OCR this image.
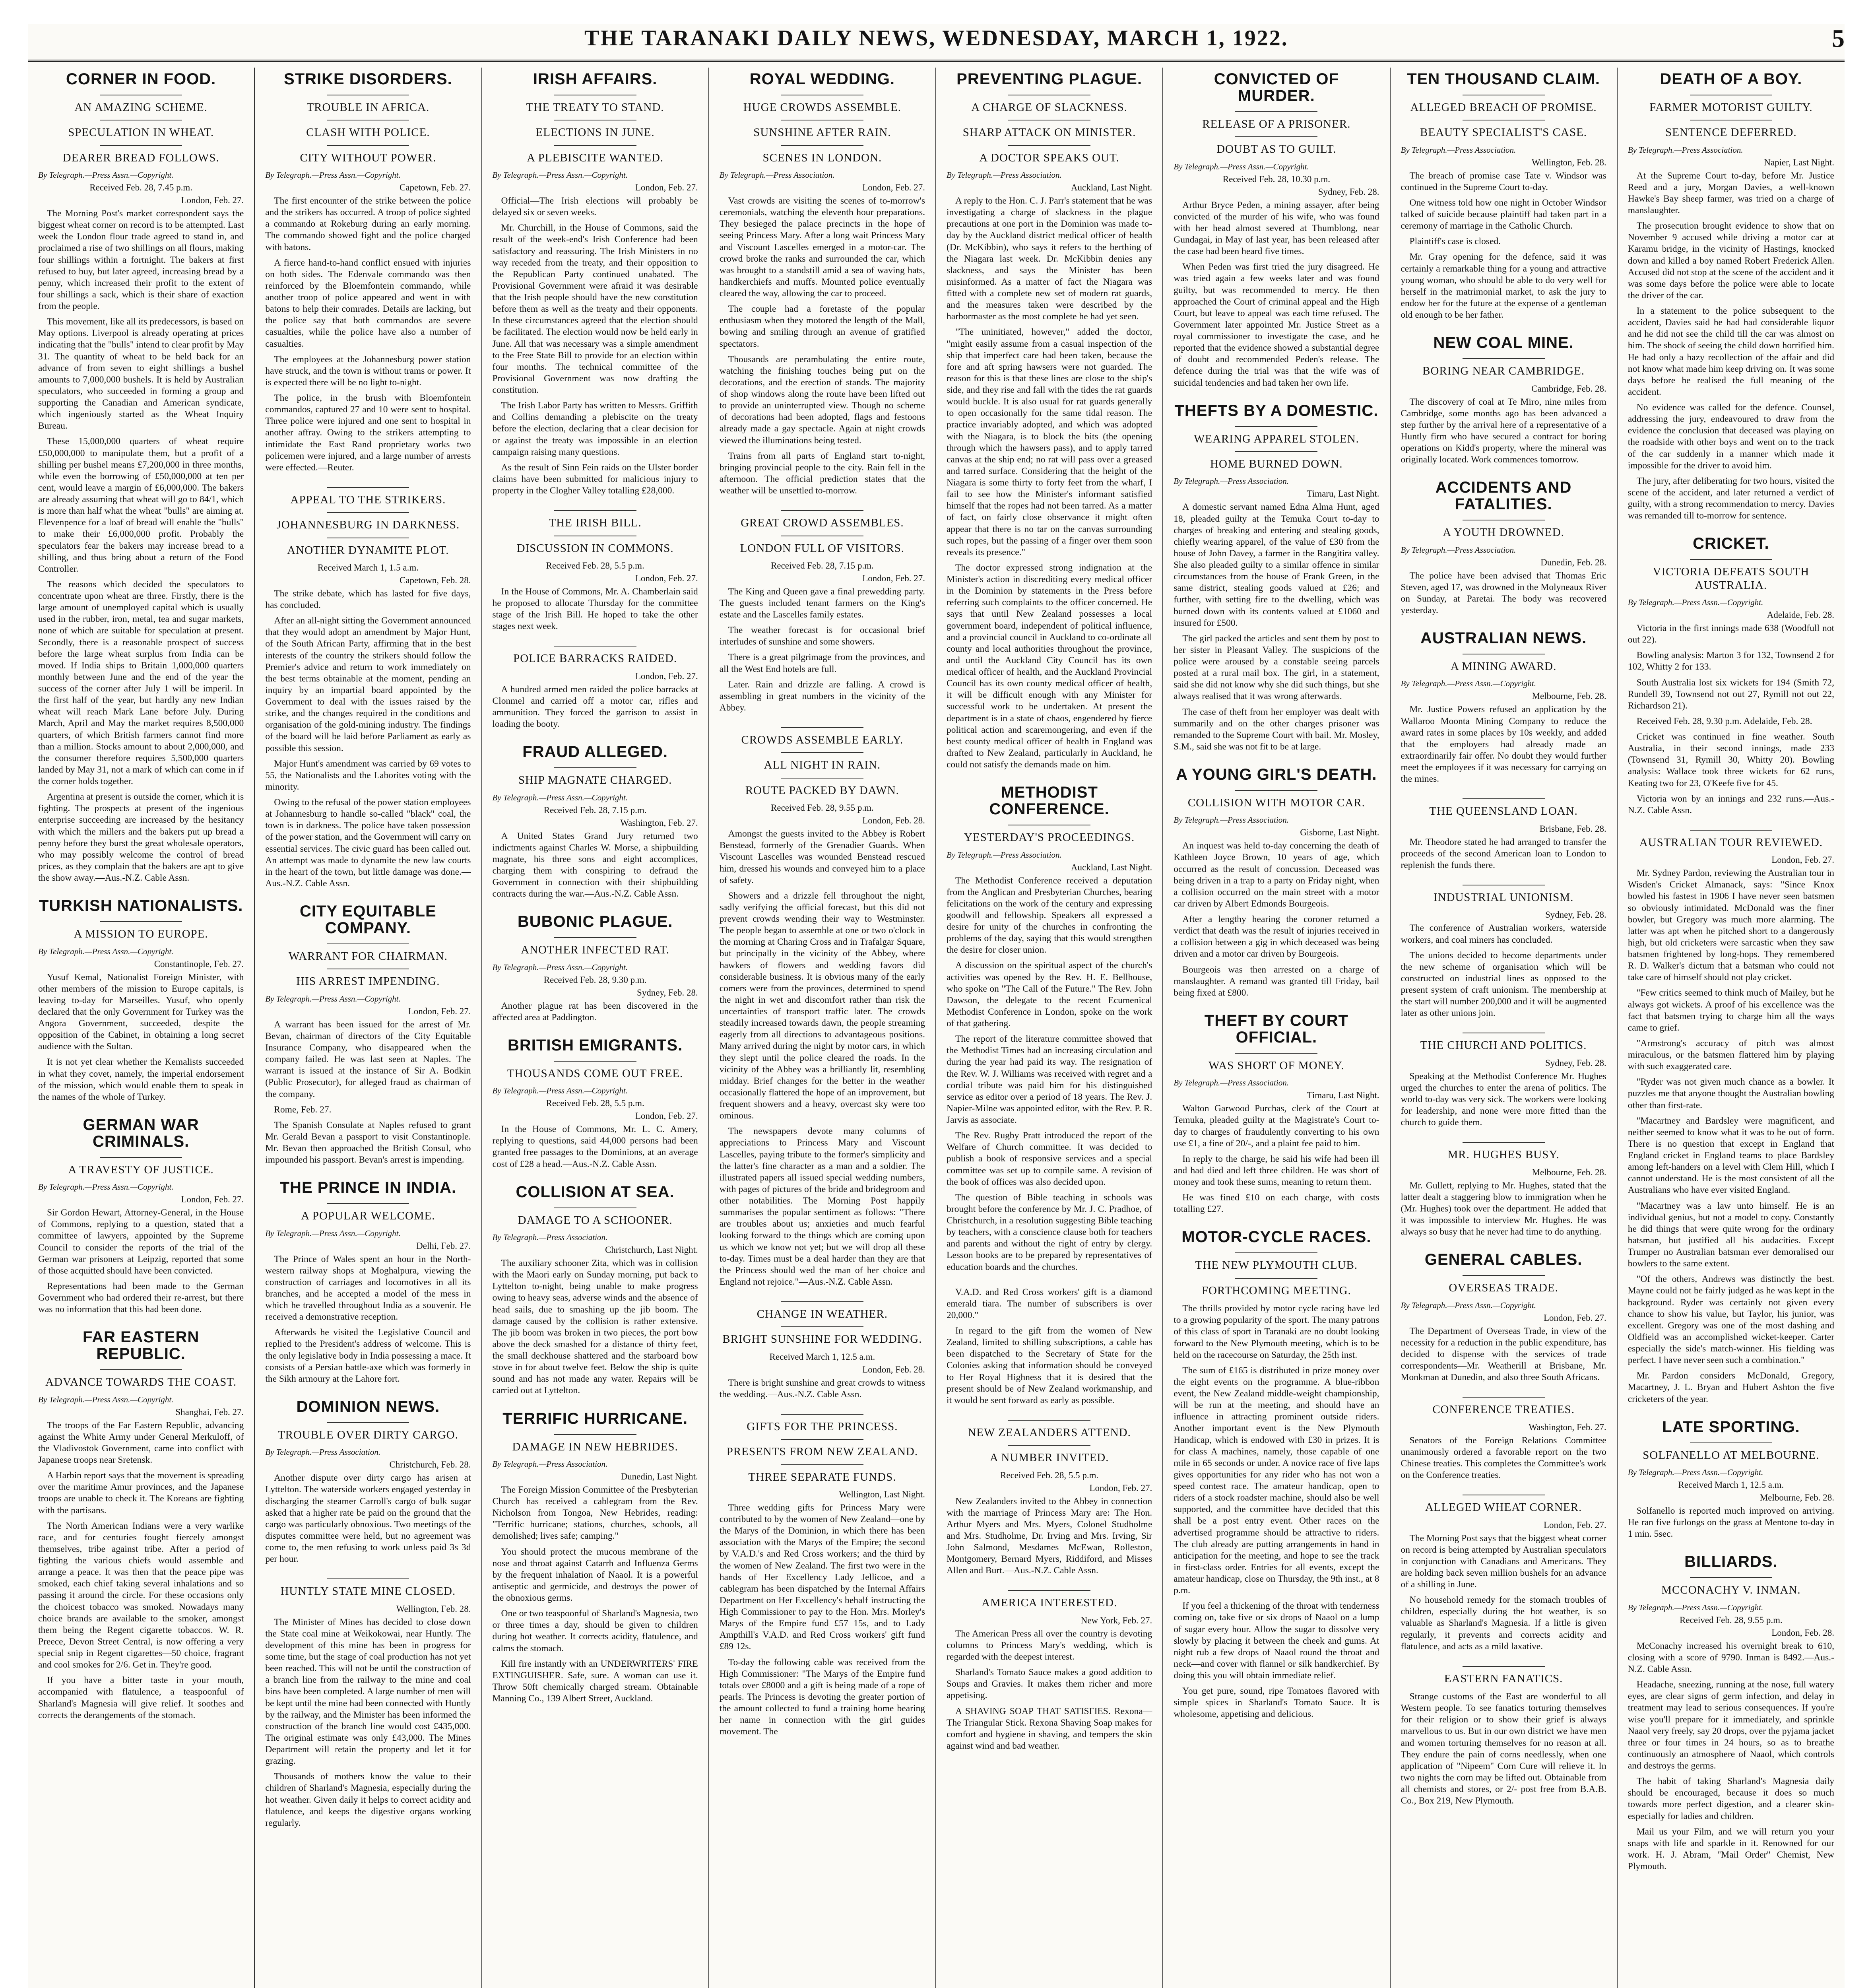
THE TARANAKI DAILY NEWS, WEDNESDAY, MARCH 1, 1922.	5
CORNER IN FOOD.
AN AMAZING SCHEME.
SPECULATION IN WHEAT.
DEARER BREAD FOLLOWS.
By Telegraph.—Press Assn.—Copyright.
Received Feb. 28, 7.45 p.m.
London, Feb. 27.

The Morning Post's market correspondent says the biggest wheat corner on record is to be attempted. Last week the London flour trade agreed to stand in, and proclaimed a rise of two shillings on all flours, making four shillings within a fortnight. The bakers at first refused to buy, but later agreed, increasing bread by a penny, which increased their profit to the extent of four shillings a sack, which is their share of exaction from the people.

This movement, like all its predecessors, is based on May options. Liverpool is already operating at prices indicating that the "bulls" intend to clear profit by May 31. The quantity of wheat to be held back for an advance of from seven to eight shillings a bushel amounts to 7,000,000 bushels. It is held by Australian speculators, who succeeded in forming a group and supporting the Canadian and American syndicate, which ingeniously started as the Wheat Inquiry Bureau.

These 15,000,000 quarters of wheat require £50,000,000 to manipulate them, but a profit of a shilling per bushel means £7,200,000 in three months, while even the borrowing of £50,000,000 at ten per cent, would leave a margin of £6,000,000. The bakers are already assuming that wheat will go to 84/1, which is more than half what the wheat "bulls" are aiming at. Elevenpence for a loaf of bread will enable the "bulls" to make their £6,000,000 profit. Probably the speculators fear the bakers may increase bread to a shilling, and thus bring about a return of the Food Controller.

The reasons which decided the speculators to concentrate upon wheat are three. Firstly, there is the large amount of unemployed capital which is usually used in the rubber, iron, metal, tea and sugar markets, none of which are suitable for speculation at present. Secondly, there is a reasonable prospect of success before the large wheat surplus from India can be moved. If India ships to Britain 1,000,000 quarters monthly between June and the end of the year the success of the corner after July 1 will be imperil. In the first half of the year, but hardly any new Indian wheat will reach Mark Lane before July. During March, April and May the market requires 8,500,000 quarters, of which British farmers cannot find more than a million. Stocks amount to about 2,000,000, and the consumer therefore requires 5,500,000 quarters landed by May 31, not a mark of which can come in if the corner holds together.

Argentina at present is outside the corner, which it is fighting. The prospects at present of the ingenious enterprise succeeding are increased by the hesitancy with which the millers and the bakers put up bread a penny before they burst the great wholesale operators, who may possibly welcome the control of bread prices, as they complain that the bakers are apt to give the show away.—Aus.-N.Z. Cable Assn.

TURKISH NATIONALISTS.
A MISSION TO EUROPE.
By Telegraph.—Press Assn.—Copyright.
Constantinople, Feb. 27.

Yusuf Kemal, Nationalist Foreign Minister, with other members of the mission to Europe capitals, is leaving to-day for Marseilles. Yusuf, who openly declared that the only Government for Turkey was the Angora Government, succeeded, despite the opposition of the Cabinet, in obtaining a long secret audience with the Sultan.

It is not yet clear whether the Kemalists succeeded in what they covet, namely, the imperial endorsement of the mission, which would enable them to speak in the names of the whole of Turkey.

GERMAN WAR CRIMINALS.
A TRAVESTY OF JUSTICE.
By Telegraph.—Press Assn.—Copyright.
London, Feb. 27.

Sir Gordon Hewart, Attorney-General, in the House of Commons, replying to a question, stated that a committee of lawyers, appointed by the Supreme Council to consider the reports of the trial of the German war prisoners at Leipzig, reported that some of those acquitted should have been convicted.

Representations had been made to the German Government who had ordered their re-arrest, but there was no information that this had been done.

FAR EASTERN REPUBLIC.
ADVANCE TOWARDS THE COAST.
By Telegraph.—Press Assn.—Copyright.
Shanghai, Feb. 27.

The troops of the Far Eastern Republic, advancing against the White Army under General Merkuloff, of the Vladivostok Government, came into conflict with Japanese troops near Sretensk.

A Harbin report says that the movement is spreading over the maritime Amur provinces, and the Japanese troops are unable to check it. The Koreans are fighting with the partisans.

The North American Indians were a very warlike race, and for centuries fought fiercely amongst themselves, tribe against tribe. After a period of fighting the various chiefs would assemble and arrange a peace. It was then that the peace pipe was smoked, each chief taking several inhalations and so passing it around the circle. For these occasions only the choicest tobacco was smoked. Nowadays many choice brands are available to the smoker, amongst them being the Regent cigarette tobaccos. W. R. Preece, Devon Street Central, is now offering a very special snip in Regent cigarettes—50 choice, fragrant and cool smokes for 2/6. Get in. They're good.

If you have a bitter taste in your mouth, accompanied with flatulence, a teaspoonful of Sharland's Magnesia will give relief. It soothes and corrects the derangements of the stomach.

STRIKE DISORDERS.
TROUBLE IN AFRICA.
CLASH WITH POLICE.
CITY WITHOUT POWER.
By Telegraph.—Press Assn.—Copyright.
Capetown, Feb. 27.

The first encounter of the strike between the police and the strikers has occurred. A troop of police sighted a commando at Rokeburg during an early morning. The commando showed fight and the police charged with batons.

A fierce hand-to-hand conflict ensued with injuries on both sides. The Edenvale commando was then reinforced by the Bloemfontein commando, while another troop of police appeared and went in with batons to help their comrades. Details are lacking, but the police say that both commandos are severe casualties, while the police have also a number of casualties.

The employees at the Johannesburg power station have struck, and the town is without trams or power. It is expected there will be no light to-night.

The police, in the brush with Bloemfontein commandos, captured 27 and 10 were sent to hospital. Three police were injured and one sent to hospital in another affray. Owing to the strikers attempting to intimidate the East Rand proprietary works two policemen were injured, and a large number of arrests were effected.—Reuter.

APPEAL TO THE STRIKERS.
JOHANNESBURG IN DARKNESS.
ANOTHER DYNAMITE PLOT.
Received March 1, 1.5 a.m.
Capetown, Feb. 28.

The strike debate, which has lasted for five days, has concluded.

After an all-night sitting the Government announced that they would adopt an amendment by Major Hunt, of the South African Party, affirming that in the best interests of the country the strikers should follow the Premier's advice and return to work immediately on the best terms obtainable at the moment, pending an inquiry by an impartial board appointed by the Government to deal with the issues raised by the strike, and the changes required in the conditions and organisation of the gold-mining industry. The findings of the board will be laid before Parliament as early as possible this session.

Major Hunt's amendment was carried by 69 votes to 55, the Nationalists and the Laborites voting with the minority.

Owing to the refusal of the power station employees at Johannesburg to handle so-called "black" coal, the town is in darkness. The police have taken possession of the power station, and the Government will carry on essential services. The civic guard has been called out. An attempt was made to dynamite the new law courts in the heart of the town, but little damage was done.—Aus.-N.Z. Cable Assn.

CITY EQUITABLE COMPANY.
WARRANT FOR CHAIRMAN.
HIS ARREST IMPENDING.
By Telegraph.—Press Assn.—Copyright.
London, Feb. 27.

A warrant has been issued for the arrest of Mr. Bevan, chairman of directors of the City Equitable Insurance Company, who disappeared when the company failed. He was last seen at Naples. The warrant is issued at the instance of Sir A. Bodkin (Public Prosecutor), for alleged fraud as chairman of the company.

Rome, Feb. 27.

The Spanish Consulate at Naples refused to grant Mr. Gerald Bevan a passport to visit Constantinople. Mr. Bevan then approached the British Consul, who impounded his passport. Bevan's arrest is impending.

THE PRINCE IN INDIA.
A POPULAR WELCOME.
By Telegraph.—Press Assn.—Copyright.
Delhi, Feb. 27.

The Prince of Wales spent an hour in the North-western railway shops at Moghalpura, viewing the construction of carriages and locomotives in all its branches, and he accepted a model of the mess in which he travelled throughout India as a souvenir. He received a demonstrative reception.

Afterwards he visited the Legislative Council and replied to the President's address of welcome. This is the only legislative body in India possessing a mace. It consists of a Persian battle-axe which was formerly in the Sikh armoury at the Lahore fort.

DOMINION NEWS.
TROUBLE OVER DIRTY CARGO.
By Telegraph.—Press Association.
Christchurch, Feb. 28.

Another dispute over dirty cargo has arisen at Lyttelton. The waterside workers engaged yesterday in discharging the steamer Carroll's cargo of bulk sugar asked that a higher rate be paid on the ground that the cargo was particularly obnoxious. Two meetings of the disputes committee were held, but no agreement was come to, the men refusing to work unless paid 3s 3d per hour.

HUNTLY STATE MINE CLOSED.
Wellington, Feb. 28.

The Minister of Mines has decided to close down the State coal mine at Weikokowai, near Huntly. The development of this mine has been in progress for some time, but the stage of coal production has not yet been reached. This will not be until the construction of a branch line from the railway to the mine and coal bins have been completed. A large number of men will be kept until the mine had been connected with Huntly by the railway, and the Minister has been informed the construction of the branch line would cost £435,000. The original estimate was only £43,000. The Mines Department will retain the property and let it for grazing.

Thousands of mothers know the value to their children of Sharland's Magnesia, especially during the hot weather. Given daily it helps to correct acidity and flatulence, and keeps the digestive organs working regularly.

IRISH AFFAIRS.
THE TREATY TO STAND.
ELECTIONS IN JUNE.
A PLEBISCITE WANTED.
By Telegraph.—Press Assn.—Copyright.
London, Feb. 27.

Official—The Irish elections will probably be delayed six or seven weeks.

Mr. Churchill, in the House of Commons, said the result of the week-end's Irish Conference had been satisfactory and reassuring. The Irish Ministers in no way receded from the treaty, and their opposition to the Republican Party continued unabated. The Provisional Government were afraid it was desirable that the Irish people should have the new constitution before them as well as the treaty and their opponents. In these circumstances agreed that the election should be facilitated. The election would now be held early in June. All that was necessary was a simple amendment to the Free State Bill to provide for an election within four months. The technical committee of the Provisional Government was now drafting the constitution.

The Irish Labor Party has written to Messrs. Griffith and Collins demanding a plebiscite on the treaty before the election, declaring that a clear decision for or against the treaty was impossible in an election campaign raising many questions.

As the result of Sinn Fein raids on the Ulster border claims have been submitted for malicious injury to property in the Clogher Valley totalling £28,000.

THE IRISH BILL.
DISCUSSION IN COMMONS.
Received Feb. 28, 5.5 p.m.
London, Feb. 27.

In the House of Commons, Mr. A. Chamberlain said he proposed to allocate Thursday for the committee stage of the Irish Bill. He hoped to take the other stages next week.

POLICE BARRACKS RAIDED.
London, Feb. 27.

A hundred armed men raided the police barracks at Clonmel and carried off a motor car, rifles and ammunition. They forced the garrison to assist in loading the booty.

FRAUD ALLEGED.
SHIP MAGNATE CHARGED.
By Telegraph.—Press Assn.—Copyright.
Received Feb. 28, 7.15 p.m.
Washington, Feb. 27.

A United States Grand Jury returned two indictments against Charles W. Morse, a shipbuilding magnate, his three sons and eight accomplices, charging them with conspiring to defraud the Government in connection with their shipbuilding contracts during the war.—Aus.-N.Z. Cable Assn.

BUBONIC PLAGUE.
ANOTHER INFECTED RAT.
By Telegraph.—Press Assn.—Copyright.
Received Feb. 28, 9.30 p.m.
Sydney, Feb. 28.

Another plague rat has been discovered in the affected area at Paddington.

BRITISH EMIGRANTS.
THOUSANDS COME OUT FREE.
By Telegraph.—Press Assn.—Copyright.
Received Feb. 28, 5.5 p.m.
London, Feb. 27.

In the House of Commons, Mr. L. C. Amery, replying to questions, said 44,000 persons had been granted free passages to the Dominions, at an average cost of £28 a head.—Aus.-N.Z. Cable Assn.

COLLISION AT SEA.
DAMAGE TO A SCHOONER.
By Telegraph.—Press Association.
Christchurch, Last Night.

The auxiliary schooner Zita, which was in collision with the Maori early on Sunday morning, put back to Lyttelton to-night, being unable to make progress owing to heavy seas, adverse winds and the absence of head sails, due to smashing up the jib boom. The damage caused by the collision is rather extensive. The jib boom was broken in two pieces, the port bow above the deck smashed for a distance of thirty feet, the small deckhouse shattered and the starboard bow stove in for about twelve feet. Below the ship is quite sound and has not made any water. Repairs will be carried out at Lyttelton.

TERRIFIC HURRICANE.
DAMAGE IN NEW HEBRIDES.
By Telegraph.—Press Association.
Dunedin, Last Night.

The Foreign Mission Committee of the Presbyterian Church has received a cablegram from the Rev. Nicholson from Tongoa, New Hebrides, reading: "Terrific hurricane; stations, churches, schools, all demolished; lives safe; camping."

You should protect the mucous membrane of the nose and throat against Catarrh and Influenza Germs by the frequent inhalation of Naaol. It is a powerful antiseptic and germicide, and destroys the power of the obnoxious germs.

One or two teaspoonful of Sharland's Magnesia, two or three times a day, should be given to children during hot weather. It corrects acidity, flatulence, and calms the stomach.

Kill fire instantly with an UNDERWRITERS' FIRE EXTINGUISHER. Safe, sure. A woman can use it. Throw 50ft chemically charged stream. Obtainable Manning Co., 139 Albert Street, Auckland.

ROYAL WEDDING.
HUGE CROWDS ASSEMBLE.
SUNSHINE AFTER RAIN.
SCENES IN LONDON.
By Telegraph.—Press Association.
London, Feb. 27.

Vast crowds are visiting the scenes of to-morrow's ceremonials, watching the eleventh hour preparations. They besieged the palace precincts in the hope of seeing Princess Mary. After a long wait Princess Mary and Viscount Lascelles emerged in a motor-car. The crowd broke the ranks and surrounded the car, which was brought to a standstill amid a sea of waving hats, handkerchiefs and muffs. Mounted police eventually cleared the way, allowing the car to proceed.

The couple had a foretaste of the popular enthusiasm when they motored the length of the Mall, bowing and smiling through an avenue of gratified spectators.

Thousands are perambulating the entire route, watching the finishing touches being put on the decorations, and the erection of stands. The majority of shop windows along the route have been lifted out to provide an uninterrupted view. Though no scheme of decorations had been adopted, flags and festoons already made a gay spectacle. Again at night crowds viewed the illuminations being tested.

Trains from all parts of England start to-night, bringing provincial people to the city. Rain fell in the afternoon. The official prediction states that the weather will be unsettled to-morrow.

GREAT CROWD ASSEMBLES.
LONDON FULL OF VISITORS.
Received Feb. 28, 7.15 p.m.
London, Feb. 27.

The King and Queen gave a final prewedding party. The guests included tenant farmers on the King's estate and the Lascelles family estates.

The weather forecast is for occasional brief interludes of sunshine and some showers.

There is a great pilgrimage from the provinces, and all the West End hotels are full.

Later. Rain and drizzle are falling. A crowd is assembling in great numbers in the vicinity of the Abbey.

CROWDS ASSEMBLE EARLY.
ALL NIGHT IN RAIN.
ROUTE PACKED BY DAWN.
Received Feb. 28, 9.55 p.m.
London, Feb. 28.

Amongst the guests invited to the Abbey is Robert Benstead, formerly of the Grenadier Guards. When Viscount Lascelles was wounded Benstead rescued him, dressed his wounds and conveyed him to a place of safety.

Showers and a drizzle fell throughout the night, sadly verifying the official forecast, but this did not prevent crowds wending their way to Westminster. The people began to assemble at one or two o'clock in the morning at Charing Cross and in Trafalgar Square, but principally in the vicinity of the Abbey, where hawkers of flowers and wedding favors did considerable business. It is obvious many of the early comers were from the provinces, determined to spend the night in wet and discomfort rather than risk the uncertainties of transport traffic later. The crowds steadily increased towards dawn, the people streaming eagerly from all directions to advantageous positions. Many arrived during the night by motor cars, in which they slept until the police cleared the roads. In the vicinity of the Abbey was a brilliantly lit, resembling midday. Brief changes for the better in the weather occasionally flattered the hope of an improvement, but frequent showers and a heavy, overcast sky were too ominous.

The newspapers devote many columns of appreciations to Princess Mary and Viscount Lascelles, paying tribute to the former's simplicity and the latter's fine character as a man and a soldier. The illustrated papers all issued special wedding numbers, with pages of pictures of the bride and bridegroom and other notabilities. The Morning Post happily summarises the popular sentiment as follows: "There are troubles about us; anxieties and much fearful looking forward to the things which are coming upon us which we know not yet; but we will drop all these to-day. Times must be a deal harder than they are that the Princess should wed the man of her choice and England not rejoice."—Aus.-N.Z. Cable Assn.

CHANGE IN WEATHER.
BRIGHT SUNSHINE FOR WEDDING.
Received March 1, 12.5 a.m.
London, Feb. 28.

There is bright sunshine and great crowds to witness the wedding.—Aus.-N.Z. Cable Assn.

GIFTS FOR THE PRINCESS.
PRESENTS FROM NEW ZEALAND.
THREE SEPARATE FUNDS.
Wellington, Last Night.

Three wedding gifts for Princess Mary were contributed to by the women of New Zealand—one by the Marys of the Dominion, in which there has been association with the Marys of the Empire; the second by V.A.D.'s and Red Cross workers; and the third by the women of New Zealand. The first two were in the hands of Her Excellency Lady Jellicoe, and a cablegram has been dispatched by the Internal Affairs Department on Her Excellency's behalf instructing the High Commissioner to pay to the Hon. Mrs. Morley's Marys of the Empire fund £57 15s, and to Lady Ampthill's V.A.D. and Red Cross workers' gift fund £89 12s.

To-day the following cable was received from the High Commissioner: "The Marys of the Empire fund totals over £8000 and a gift is being made of a rope of pearls. The Princess is devoting the greater portion of the amount collected to fund a training home bearing her name in connection with the girl guides movement. The

PREVENTING PLAGUE.
A CHARGE OF SLACKNESS.
SHARP ATTACK ON MINISTER.
A DOCTOR SPEAKS OUT.
By Telegraph.—Press Association.
Auckland, Last Night.

A reply to the Hon. C. J. Parr's statement that he was investigating a charge of slackness in the plague precautions at one port in the Dominion was made to-day by the Auckland district medical officer of health (Dr. McKibbin), who says it refers to the berthing of the Niagara last week. Dr. McKibbin denies any slackness, and says the Minister has been misinformed. As a matter of fact the Niagara was fitted with a complete new set of modern rat guards, and the measures taken were described by the harbormaster as the most complete he had yet seen.

"The uninitiated, however," added the doctor, "might easily assume from a casual inspection of the ship that imperfect care had been taken, because the fore and aft spring hawsers were not guarded. The reason for this is that these lines are close to the ship's side, and they rise and fall with the tides the rat guards would buckle. It is also usual for rat guards generally to open occasionally for the same tidal reason. The practice invariably adopted, and which was adopted with the Niagara, is to block the bits (the opening through which the hawsers pass), and to apply tarred canvas at the ship end; no rat will pass over a greased and tarred surface. Considering that the height of the Niagara is some thirty to forty feet from the wharf, I fail to see how the Minister's informant satisfied himself that the ropes had not been tarred. As a matter of fact, on fairly close observance it might often appear that there is no tar on the canvas surrounding such ropes, but the passing of a finger over them soon reveals its presence."

The doctor expressed strong indignation at the Minister's action in discrediting every medical officer in the Dominion by statements in the Press before referring such complaints to the officer concerned. He says that until New Zealand possesses a local government board, independent of political influence, and a provincial council in Auckland to co-ordinate all county and local authorities throughout the province, and until the Auckland City Council has its own medical officer of health, and the Auckland Provincial Council has its own county medical officer of health, it will be difficult enough with any Minister for successful work to be undertaken. At present the department is in a state of chaos, engendered by fierce political action and scaremongering, and even if the best county medical officer of health in England was drafted to New Zealand, particularly in Auckland, he could not satisfy the demands made on him.

METHODIST CONFERENCE.
YESTERDAY'S PROCEEDINGS.
By Telegraph.—Press Association.
Auckland, Last Night.

The Methodist Conference received a deputation from the Anglican and Presbyterian Churches, bearing felicitations on the work of the century and expressing goodwill and fellowship. Speakers all expressed a desire for unity of the churches in confronting the problems of the day, saying that this would strengthen the desire for closer union.

A discussion on the spiritual aspect of the church's activities was opened by the Rev. H. E. Bellhouse, who spoke on "The Call of the Future." The Rev. John Dawson, the delegate to the recent Ecumenical Methodist Conference in London, spoke on the work of that gathering.

The report of the literature committee showed that the Methodist Times had an increasing circulation and during the year had paid its way. The resignation of the Rev. W. J. Williams was received with regret and a cordial tribute was paid him for his distinguished service as editor over a period of 18 years. The Rev. J. Napier-Milne was appointed editor, with the Rev. P. R. Jarvis as associate.

The Rev. Rugby Pratt introduced the report of the Welfare of Church committee. It was decided to publish a book of responsive services and a special committee was set up to compile same. A revision of the book of offices was also decided upon.

The question of Bible teaching in schools was brought before the conference by Mr. J. C. Pradhoe, of Christchurch, in a resolution suggesting Bible teaching by teachers, with a conscience clause both for teachers and parents and without the right of entry by clergy. Lesson books are to be prepared by representatives of education boards and the churches.

V.A.D. and Red Cross workers' gift is a diamond emerald tiara. The number of subscribers is over 20,000."

In regard to the gift from the women of New Zealand, limited to shilling subscriptions, a cable has been dispatched to the Secretary of State for the Colonies asking that information should be conveyed to Her Royal Highness that it is desired that the present should be of New Zealand workmanship, and it would be sent forward as early as possible.

NEW ZEALANDERS ATTEND.
A NUMBER INVITED.
Received Feb. 28, 5.5 p.m.
London, Feb. 27.

New Zealanders invited to the Abbey in connection with the marriage of Princess Mary are: The Hon. Arthur Myers and Mrs. Myers, Colonel Studholme and Mrs. Studholme, Dr. Irving and Mrs. Irving, Sir John Salmond, Mesdames McEwan, Rolleston, Montgomery, Bernard Myers, Riddiford, and Misses Allen and Burt.—Aus.-N.Z. Cable Assn.

AMERICA INTERESTED.
New York, Feb. 27.

The American Press all over the country is devoting columns to Princess Mary's wedding, which is regarded with the deepest interest.

Sharland's Tomato Sauce makes a good addition to Soups and Gravies. It makes them richer and more appetising.

A SHAVING SOAP THAT SATISFIES. Rexona—The Triangular Stick. Rexona Shaving Soap makes for comfort and hygiene in shaving, and tempers the skin against wind and bad weather.

CONVICTED OF MURDER.
RELEASE OF A PRISONER.
DOUBT AS TO GUILT.
By Telegraph.—Press Assn.—Copyright.
Received Feb. 28, 10.30 p.m.
Sydney, Feb. 28.

Arthur Bryce Peden, a mining assayer, after being convicted of the murder of his wife, who was found with her head almost severed at Thumblong, near Gundagai, in May of last year, has been released after the case had been heard five times.

When Peden was first tried the jury disagreed. He was tried again a few weeks later and was found guilty, but was recommended to mercy. He then approached the Court of criminal appeal and the High Court, but leave to appeal was each time refused. The Government later appointed Mr. Justice Street as a royal commissioner to investigate the case, and he reported that the evidence showed a substantial degree of doubt and recommended Peden's release. The defence during the trial was that the wife was of suicidal tendencies and had taken her own life.

THEFTS BY A DOMESTIC.
WEARING APPAREL STOLEN.
HOME BURNED DOWN.
By Telegraph.—Press Association.
Timaru, Last Night.

A domestic servant named Edna Alma Hunt, aged 18, pleaded guilty at the Temuka Court to-day to charges of breaking and entering and stealing goods, chiefly wearing apparel, of the value of £30 from the house of John Davey, a farmer in the Rangitira valley. She also pleaded guilty to a similar offence in similar circumstances from the house of Frank Green, in the same district, stealing goods valued at £26; and further, with setting fire to the dwelling, which was burned down with its contents valued at £1060 and insured for £500.

The girl packed the articles and sent them by post to her sister in Pleasant Valley. The suspicions of the police were aroused by a constable seeing parcels posted at a rural mail box. The girl, in a statement, said she did not know why she did such things, but she always realised that it was wrong afterwards.

The case of theft from her employer was dealt with summarily and on the other charges prisoner was remanded to the Supreme Court with bail. Mr. Mosley, S.M., said she was not fit to be at large.

A YOUNG GIRL'S DEATH.
COLLISION WITH MOTOR CAR.
By Telegraph.—Press Association.
Gisborne, Last Night.

An inquest was held to-day concerning the death of Kathleen Joyce Brown, 10 years of age, which occurred as the result of concussion. Deceased was being driven in a trap to a party on Friday night, when a collision occurred on the main street with a motor car driven by Albert Edmonds Bourgeois.

After a lengthy hearing the coroner returned a verdict that death was the result of injuries received in a collision between a gig in which deceased was being driven and a motor car driven by Bourgeois.

Bourgeois was then arrested on a charge of manslaughter. A remand was granted till Friday, bail being fixed at £800.

THEFT BY COURT OFFICIAL.
WAS SHORT OF MONEY.
By Telegraph.—Press Association.
Timaru, Last Night.

Walton Garwood Purchas, clerk of the Court at Temuka, pleaded guilty at the Magistrate's Court to-day to charges of fraudulently converting to his own use £1, a fine of 20/-, and a plaint fee paid to him.

In reply to the charge, he said his wife had been ill and had died and left three children. He was short of money and took these sums, meaning to return them.

He was fined £10 on each charge, with costs totalling £27.

MOTOR-CYCLE RACES.
THE NEW PLYMOUTH CLUB.
FORTHCOMING MEETING.

The thrills provided by motor cycle racing have led to a growing popularity of the sport. The many patrons of this class of sport in Taranaki are no doubt looking forward to the New Plymouth meeting, which is to be held on the racecourse on Saturday, the 25th inst.

The sum of £165 is distributed in prize money over the eight events on the programme. A blue-ribbon event, the New Zealand middle-weight championship, will be run at the meeting, and should have an influence in attracting prominent outside riders. Another important event is the New Plymouth Handicap, which is endowed with £30 in prizes. It is for class A machines, namely, those capable of one mile in 65 seconds or under. A novice race of five laps gives opportunities for any rider who has not won a speed contest race. The amateur handicap, open to riders of a stock roadster machine, should also be well supported, and the committee have decided that this shall be a post entry event. Other races on the advertised programme should be attractive to riders. The club already are putting arrangements in hand in anticipation for the meeting, and hope to see the track in first-class order. Entries for all events, except the amateur handicap, close on Thursday, the 9th inst., at 8 p.m.

If you feel a thickening of the throat with tenderness coming on, take five or six drops of Naaol on a lump of sugar every hour. Allow the sugar to dissolve very slowly by placing it between the cheek and gums. At night rub a few drops of Naaol round the throat and neck—and cover with flannel or silk handkerchief. By doing this you will obtain immediate relief.

You get pure, sound, ripe Tomatoes flavored with simple spices in Sharland's Tomato Sauce. It is wholesome, appetising and delicious.

TEN THOUSAND CLAIM.
ALLEGED BREACH OF PROMISE.
BEAUTY SPECIALIST'S CASE.
By Telegraph.—Press Association.
Wellington, Feb. 28.

The breach of promise case Tate v. Windsor was continued in the Supreme Court to-day.

One witness told how one night in October Windsor talked of suicide because plaintiff had taken part in a ceremony of marriage in the Catholic Church.

Plaintiff's case is closed.

Mr. Gray opening for the defence, said it was certainly a remarkable thing for a young and attractive young woman, who should be able to do very well for herself in the matrimonial market, to ask the jury to endow her for the future at the expense of a gentleman old enough to be her father.

NEW COAL MINE.
BORING NEAR CAMBRIDGE.
Cambridge, Feb. 28.

The discovery of coal at Te Miro, nine miles from Cambridge, some months ago has been advanced a step further by the arrival here of a representative of a Huntly firm who have secured a contract for boring operations on Kidd's property, where the mineral was originally located. Work commences tomorrow.

ACCIDENTS AND FATALITIES.
A YOUTH DROWNED.
By Telegraph.—Press Association.
Dunedin, Feb. 28.

The police have been advised that Thomas Eric Steven, aged 17, was drowned in the Molyneaux River on Sunday, at Paretai. The body was recovered yesterday.

AUSTRALIAN NEWS.
A MINING AWARD.
By Telegraph.—Press Assn.—Copyright.
Melbourne, Feb. 28.

Mr. Justice Powers refused an application by the Wallaroo Moonta Mining Company to reduce the award rates in some places by 10s weekly, and added that the employers had already made an extraordinarily fair offer. No doubt they would further meet the employees if it was necessary for carrying on the mines.

THE QUEENSLAND LOAN.
Brisbane, Feb. 28.

Mr. Theodore stated he had arranged to transfer the proceeds of the second American loan to London to replenish the funds there.

INDUSTRIAL UNIONISM.
Sydney, Feb. 28.

The conference of Australian workers, waterside workers, and coal miners has concluded.

The unions decided to become departments under the new scheme of organisation which will be constructed on industrial lines as opposed to the present system of craft unionism. The membership at the start will number 200,000 and it will be augmented later as other unions join.

THE CHURCH AND POLITICS.
Sydney, Feb. 28.

Speaking at the Methodist Conference Mr. Hughes urged the churches to enter the arena of politics. The world to-day was very sick. The workers were looking for leadership, and none were more fitted than the church to guide them.

MR. HUGHES BUSY.
Melbourne, Feb. 28.

Mr. Gullett, replying to Mr. Hughes, stated that the latter dealt a staggering blow to immigration when he (Mr. Hughes) took over the department. He added that it was impossible to interview Mr. Hughes. He was always so busy that he never had time to do anything.

GENERAL CABLES.
OVERSEAS TRADE.
By Telegraph.—Press Assn.—Copyright.
London, Feb. 27.

The Department of Overseas Trade, in view of the necessity for a reduction in the public expenditure, has decided to dispense with the services of trade correspondents—Mr. Weatherill at Brisbane, Mr. Monkman at Dunedin, and also three South Africans.

CONFERENCE TREATIES.
Washington, Feb. 27.

Senators of the Foreign Relations Committee unanimously ordered a favorable report on the two Chinese treaties. This completes the Committee's work on the Conference treaties.

ALLEGED WHEAT CORNER.
London, Feb. 27.

The Morning Post says that the biggest wheat corner on record is being attempted by Australian speculators in conjunction with Canadians and Americans. They are holding back seven million bushels for an advance of a shilling in June.

No household remedy for the stomach troubles of children, especially during the hot weather, is so valuable as Sharland's Magnesia. If a little is given regularly, it prevents and corrects acidity and flatulence, and acts as a mild laxative.

EASTERN FANATICS.

Strange customs of the East are wonderful to all Western people. To see fanatics torturing themselves for their religion or to show their grief is always marvellous to us. But in our own district we have men and women torturing themselves for no reason at all. They endure the pain of corns needlessly, when one application of "Nipeem" Corn Cure will relieve it. In two nights the corn may be lifted out. Obtainable from all chemists and stores, or 2/- post free from B.A.B. Co., Box 219, New Plymouth.

DEATH OF A BOY.
FARMER MOTORIST GUILTY.
SENTENCE DEFERRED.
By Telegraph.—Press Association.
Napier, Last Night.

At the Supreme Court to-day, before Mr. Justice Reed and a jury, Morgan Davies, a well-known Hawke's Bay sheep farmer, was tried on a charge of manslaughter.

The prosecution brought evidence to show that on November 9 accused while driving a motor car at Karamu bridge, in the vicinity of Hastings, knocked down and killed a boy named Robert Frederick Allen. Accused did not stop at the scene of the accident and it was some days before the police were able to locate the driver of the car.

In a statement to the police subsequent to the accident, Davies said he had had considerable liquor and he did not see the child till the car was almost on him. The shock of seeing the child down horrified him. He had only a hazy recollection of the affair and did not know what made him keep driving on. It was some days before he realised the full meaning of the accident.

No evidence was called for the defence. Counsel, addressing the jury, endeavoured to draw from the evidence the conclusion that deceased was playing on the roadside with other boys and went on to the track of the car suddenly in a manner which made it impossible for the driver to avoid him.

The jury, after deliberating for two hours, visited the scene of the accident, and later returned a verdict of guilty, with a strong recommendation to mercy. Davies was remanded till to-morrow for sentence.

CRICKET.
VICTORIA DEFEATS SOUTH AUSTRALIA.
By Telegraph.—Press Assn.—Copyright.
Adelaide, Feb. 28.

Victoria in the first innings made 638 (Woodfull not out 22).

Bowling analysis: Marton 3 for 132, Townsend 2 for 102, Whitty 2 for 133.

South Australia lost six wickets for 194 (Smith 72, Rundell 39, Townsend not out 27, Rymill not out 22, Richardson 21).

Received Feb. 28, 9.30 p.m. Adelaide, Feb. 28.

Cricket was continued in fine weather. South Australia, in their second innings, made 233 (Townsend 31, Rymill 30, Whitty 20). Bowling analysis: Wallace took three wickets for 62 runs, Keating two for 23, O'Keefe five for 45.

Victoria won by an innings and 232 runs.—Aus.-N.Z. Cable Assn.

AUSTRALIAN TOUR REVIEWED.
London, Feb. 27.

Mr. Sydney Pardon, reviewing the Australian tour in Wisden's Cricket Almanack, says: "Since Knox bowled his fastest in 1906 I have never seen batsmen so obviously intimidated. McDonald was the finer bowler, but Gregory was much more alarming. The latter was apt when he pitched short to a dangerously high, but old cricketers were sarcastic when they saw batsmen frightened by long-hops. They remembered R. D. Walker's dictum that a batsman who could not take care of himself should not play cricket.

"Few critics seemed to think much of Mailey, but he always got wickets. A proof of his excellence was the fact that batsmen trying to charge him all the ways came to grief.

"Armstrong's accuracy of pitch was almost miraculous, or the batsmen flattered him by playing with such exaggerated care.

"Ryder was not given much chance as a bowler. It puzzles me that anyone thought the Australian bowling other than first-rate.

"Macartney and Bardsley were magnificent, and neither seemed to know what it was to be out of form. There is no question that except in England that England cricket in England teams to place Bardsley among left-handers on a level with Clem Hill, which I cannot understand. He is the most consistent of all the Australians who have ever visited England.

"Macartney was a law unto himself. He is an individual genius, but not a model to copy. Constantly he did things that were quite wrong for the ordinary batsman, but justified all his audacities. Except Trumper no Australian batsman ever demoralised our bowlers to the same extent.

"Of the others, Andrews was distinctly the best. Mayne could not be fairly judged as he was kept in the background. Ryder was certainly not given every chance to show his value, but Taylor, his junior, was excellent. Gregory was one of the most dashing and Oldfield was an accomplished wicket-keeper. Carter especially the side's match-winner. His fielding was perfect. I have never seen such a combination."

Mr. Pardon considers McDonald, Gregory, Macartney, J. L. Bryan and Hubert Ashton the five cricketers of the year.

LATE SPORTING.
SOLFANELLO AT MELBOURNE.
By Telegraph.—Press Assn.—Copyright.
Received March 1, 12.5 a.m.
Melbourne, Feb. 28.

Solfanello is reported much improved on arriving. He ran five furlongs on the grass at Mentone to-day in 1 min. 5sec.

BILLIARDS.
MCCONACHY V. INMAN.
By Telegraph.—Press Assn.—Copyright.
Received Feb. 28, 9.55 p.m.
London, Feb. 28.

McConachy increased his overnight break to 610, closing with a score of 9790. Inman is 8492.—Aus.-N.Z. Cable Assn.

Headache, sneezing, running at the nose, full watery eyes, are clear signs of germ infection, and delay in treatment may lead to serious consequences. If you're wise you'll prepare for it immediately, and sprinkle Naaol very freely, say 20 drops, over the pyjama jacket three or four times in 24 hours, so as to breathe continuously an atmosphere of Naaol, which controls and destroys the germs.

The habit of taking Sharland's Magnesia daily should be encouraged, because it does so much towards more perfect digestion, and a clearer skin-especially for ladies and children.

Mail us your Film, and we will return you your snaps with life and sparkle in it. Renowned for our work. H. J. Abram, "Mail Order" Chemist, New Plymouth.
